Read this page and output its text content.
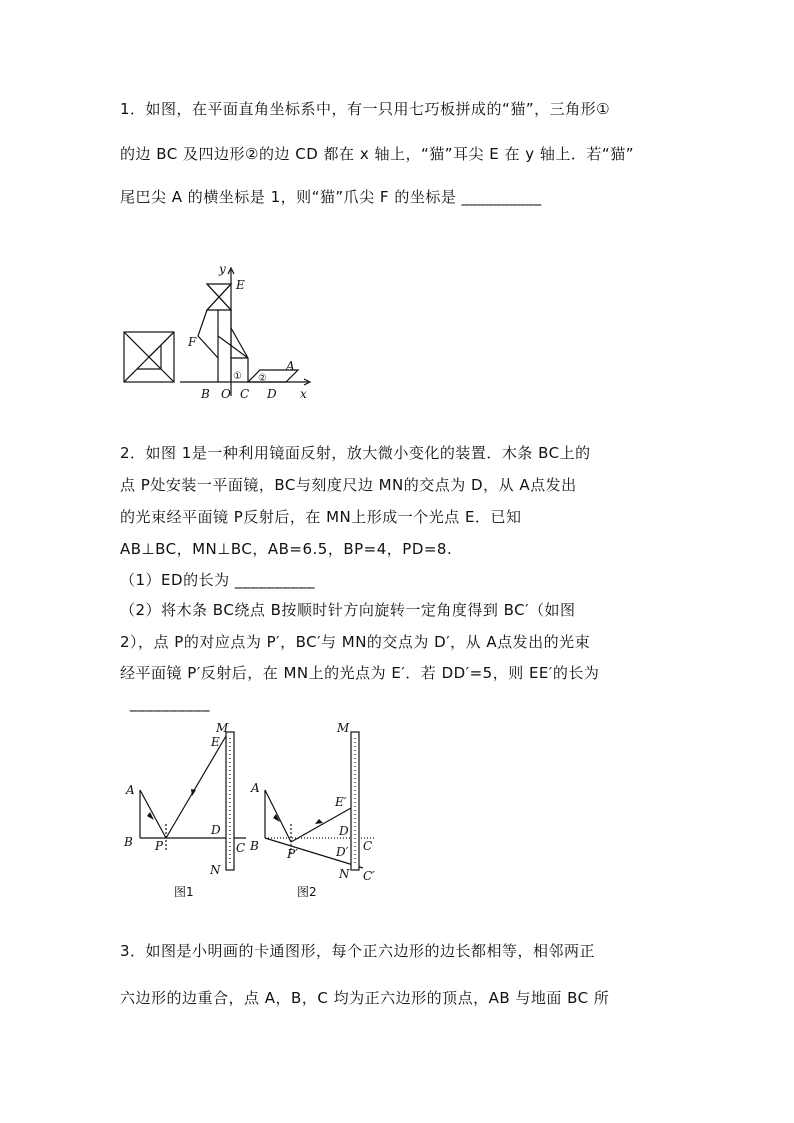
1．如图，在平面直角坐标系中，有一只用七巧板拼成的“猫”，三角形①
的边 BC 及四边形②的边 CD 都在 x 轴上，“猫”耳尖 E 在 y 轴上．若“猫”
尾巴尖 A 的横坐标是 1，则“猫”爪尖 F 的坐标是 __________
y
E
F
A
B O C D x
① ②
2．如图 1是一种利用镜面反射，放大微小变化的装置．木条 BC上的
点 P处安装一平面镜，BC与刻度尺边 MN的交点为 D，从 A点发出
的光束经平面镜 P反射后，在 MN上形成一个光点 E．已知
AB⊥BC，MN⊥BC，AB=6.5，BP=4，PD=8.
（1）ED的长为 __________
（2）将木条 BC绕点 B按顺时针方向旋转一定角度得到 BC′（如图
2），点 P的对应点为 P′，BC′与 MN的交点为 D′，从 A点发出的光束
经平面镜 P′反射后，在 MN上的光点为 E′．若 DD′=5，则 EE′的长为
__________
M
E
A
D
B P	C
N
图1
M
A
E′
D
B
P′	D′ C
N C′
图2
3．如图是小明画的卡通图形，每个正六边形的边长都相等，相邻两正
六边形的边重合，点 A，B，C 均为正六边形的顶点，AB 与地面 BC 所
